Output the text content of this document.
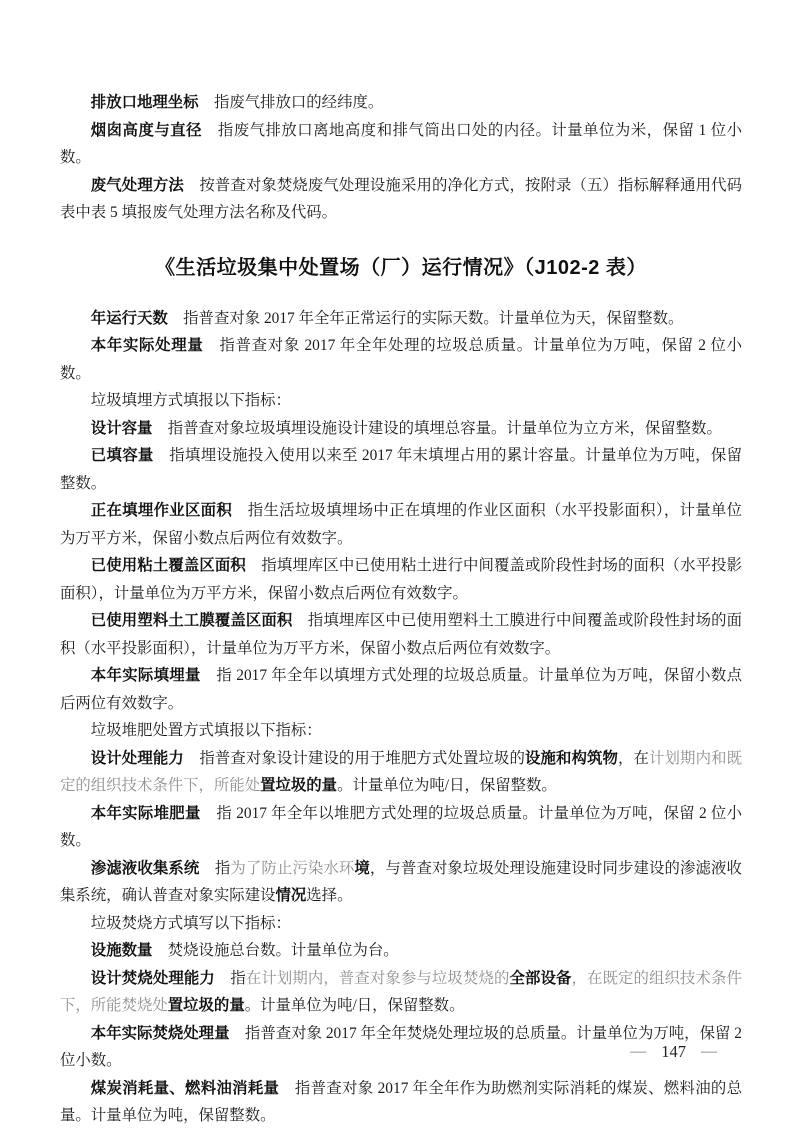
排放口地理坐标　指废气排放口的经纬度。

烟囱高度与直径　指废气排放口离地高度和排气筒出口处的内径。计量单位为米，保留 1 位小数。

废气处理方法　按普查对象焚烧废气处理设施采用的净化方式，按附录（五）指标解释通用代码表中表 5 填报废气处理方法名称及代码。

《生活垃圾集中处置场（厂）运行情况》（J102-2 表）

年运行天数　指普查对象 2017 年全年正常运行的实际天数。计量单位为天，保留整数。

本年实际处理量　指普查对象 2017 年全年处理的垃圾总质量。计量单位为万吨，保留 2 位小数。

垃圾填埋方式填报以下指标：

设计容量　指普查对象垃圾填埋设施设计建设的填埋总容量。计量单位为立方米，保留整数。

已填容量　指填埋设施投入使用以来至 2017 年末填埋占用的累计容量。计量单位为万吨，保留整数。

正在填埋作业区面积　指生活垃圾填埋场中正在填埋的作业区面积（水平投影面积），计量单位为万平方米，保留小数点后两位有效数字。

已使用粘土覆盖区面积　指填埋库区中已使用粘土进行中间覆盖或阶段性封场的面积（水平投影面积），计量单位为万平方米，保留小数点后两位有效数字。

已使用塑料土工膜覆盖区面积　指填埋库区中已使用塑料土工膜进行中间覆盖或阶段性封场的面积（水平投影面积），计量单位为万平方米，保留小数点后两位有效数字。

本年实际填埋量　指 2017 年全年以填埋方式处理的垃圾总质量。计量单位为万吨，保留小数点后两位有效数字。

垃圾堆肥处置方式填报以下指标：

设计处理能力　指普查对象设计建设的用于堆肥方式处置垃圾的设施和构筑物，在计划期内和既定的组织技术条件下，所能处置垃圾的量。计量单位为吨/日，保留整数。

本年实际堆肥量　指 2017 年全年以堆肥方式处理的垃圾总质量。计量单位为万吨，保留 2 位小数。

渗滤液收集系统　指为了防止污染水环境，与普查对象垃圾处理设施建设时同步建设的渗滤液收集系统，确认普查对象实际建设情况选择。

垃圾焚烧方式填写以下指标：

设施数量　焚烧设施总台数。计量单位为台。

设计焚烧处理能力　指在计划期内，普查对象参与垃圾焚烧的全部设备，在既定的组织技术条件下，所能焚烧处置垃圾的量。计量单位为吨/日，保留整数。

本年实际焚烧处理量　指普查对象 2017 年全年焚烧处理垃圾的总质量。计量单位为万吨，保留 2 位小数。

煤炭消耗量、燃料油消耗量　指普查对象 2017 年全年作为助燃剂实际消耗的煤炭、燃料油的总量。计量单位为吨，保留整数。

— 147 —
